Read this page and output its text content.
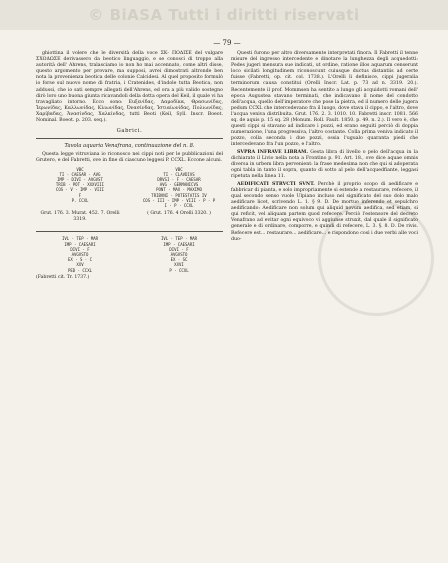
© BiASA Tutti i diritti riservati
— 79 —

ghiottina il volere che le diversità della voce ΣΚ- ΠΟΔΙΣΕ del vulgare ΣΧΟΔΩΣΕ derivassero da beotico linguaggio, e se conosci di troppo alla autorità dell' Ahrens, tralasciamo io non ho mai accennato, come altri disse, questo argomento per provare, ma supposi, avrei dimostrati altronde ben nota la provenienza beotica delle colonie Calcidesi. Al quel proposito formulò io forse sul nuovo nome di fratria, i Cratenides, d'indole tutta Beotica, non addussi, che io sati sempre allegati dell'Ahrens, ed ora a più valido sostegno dirò loro uno buona giunta ricavandoli della dotta opera del Keil, il quale vi ha travagliato intorno. Ecco sono: Euξενίδας, Δαμοδίκα, Θρασωνίδας, Ἱερωνίδας, Καλλωνίδας, Κλιωνίδας, Ὀνασίνδας, Ἱστιαίωνίδας, Πολιωνίδας, Χαρίβαδας, Ἀνασίνδας, Χαλκίνδας, tutti Beoti (Keil, Syll. Inscr. Boeot. Nominal. Boeot. p. 203. seq.).

Gabrici.
Tavola aquaria Venafrana, continuazione del n. 8.

Questa legge vitruviana io riconosco nei cippi noti per le pubblicazioni del Grutero, e del Fabretti, ove in fine di ciascuno leggesi P. CCXL. Eccone alcuni.

VBC
TI · CAESAR · AVG
IMP · DIVI · AVGVST
TRIB · POT · XXXVIII
COS · V · IMP · VIII
F
P. CCXL
VBC
TI · CLAVDIVS
DRVSI · F · CAESAR
AVG · GERMANICVS
PONT · MAX · MAXIMO
TRIBVNI · POTESTATIS IV
COS · III · IMP · VIII · P · P
I · P · CCXL
Grut. 176. 3. Murat. 452. 7. Orelli 3319.
( Grut. 176. 4 Orelli 3320. )
IVL · TEP · MAR
IMP · CAESARI
DIVI · F
AVGVSTO
EX · S · C
XXV
PED · CCXL
IVL · TEP · MAR
IMP · CAESARI
DIVI · F
AVGVSTO
EX · SC
XXVI
P · CCXL
(Fabretti cit. Tr. 1737.)

Questi furono per altro diversamente interpretati finora. Il Fabretti il tenne misure del ingresso intercedente e dinotare la lunghezza degli acquedotti: Pedes jugeri mensura sue indicati, ut ordine, ratione illos aquarum censerunt loco sicilati longitudinem riconoscunt cuiusque ductus distantiis ad certe fuisse (Fabretti, op. cit. col. 1738.). L'Orelli li definisce, cippi jugeralia terminorum causa constitui (Orelli Inscr. Lat. p. 73 ad n. 3319. 20.). Recentemente il prof. Mommsen ha sentito a lungo gli acquidotti romani dell' epoca Augustea stavano terminati, che indicavano il nome del condotto dell'acqua, quello dell'imperatore che pose la pietra, ed il numero delle jugera pedum CCXL che intercedevano fra il luogo, dove stava il cippo, e l'altro, dove l'acqua veniva distribuita. Grut. 176. 2. 3. 1010. 10. Fabretti inscr. 1081. 566 sq. de aquis p. 15 sq. 28 (Monum. Roll. Fault. 1850. p. 49. n. 2.). Il vero è, che questi cippi si stavano ad indicare i pozzi, ed erano seguiti perciò di doppia numerazione, l'una progressiva, l'altro costante. Colla prima veniva indicato il pozzo, colla seconda i due pozzi, ossia l'ugualo quaranta piedi che intercedevano fra l'un pozzo, e l'altro.

SVPRA INFRAVE LIBRAM. Gesta libra di livello o pelo dell'acqua in la dichiarato il Livio nella nota a Frontino p. 91. Art. 18., ove dice aquae omnis diversa in urbem libra pervenient: la frase medesima non che qui si adoperata ogni tabla in tanto il sopra, quanto di sotto al pelo dell'acquedfiante, leggasi ripetuta nella linea 11.

AEDIFICATI STRVCTI SVNT. Perchè il proprio scopo di aedificare e fabbricar di pianta, e solo impropriamente si estende a restaurare, refecere, il qual secondo senso vuole Ulpiano incluso nel significato del suo dolo malo aedificare licet, scrivendo L. 1. § 9. D. De mortuo inferendo et sepulchro aedificando: Aedificare non solum qui aliquid novum aedifica, sed etiam, si qui reficit, vel aliquam partem quod refecere. Perciò l'estensore del decreto Venafrano ad evitar ogni equivoco vi aggiunse struxit, dal quale il significato generale e di ordinare, comporre, e quindi di refecere, L. 3. §. 8. D. De rivis. Refecere est... restaurare... aedificare... e rispondono così i due verbi alle voci duo-
